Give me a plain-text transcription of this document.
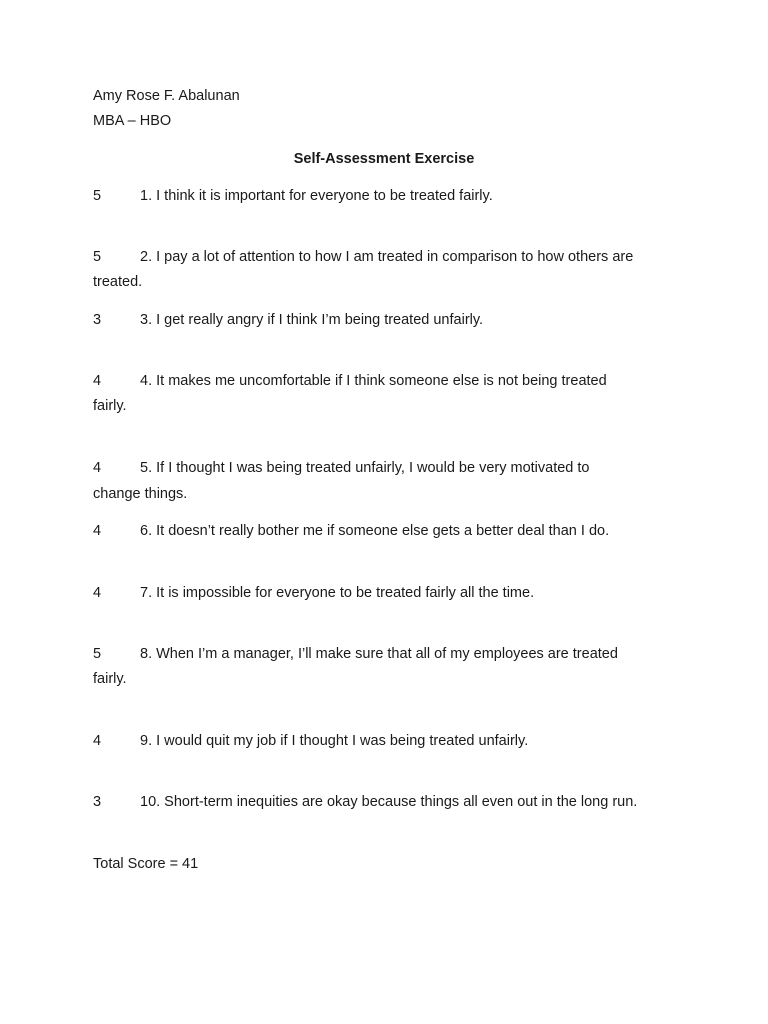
Amy Rose F. Abalunan
MBA – HBO
Self-Assessment Exercise
5	1. I think it is important for everyone to be treated fairly.
5	2. I pay a lot of attention to how I am treated in comparison to how others are
treated.
3	3. I get really angry if I think I’m being treated unfairly.
4	4. It makes me uncomfortable if I think someone else is not being treated
fairly.
4	5. If I thought I was being treated unfairly, I would be very motivated to
change things.
4	6. It doesn’t really bother me if someone else gets a better deal than I do.
4	7. It is impossible for everyone to be treated fairly all the time.
5	8. When I’m a manager, I’ll make sure that all of my employees are treated
fairly.
4	9. I would quit my job if I thought I was being treated unfairly.
3	10. Short-term inequities are okay because things all even out in the long run.
Total Score = 41
